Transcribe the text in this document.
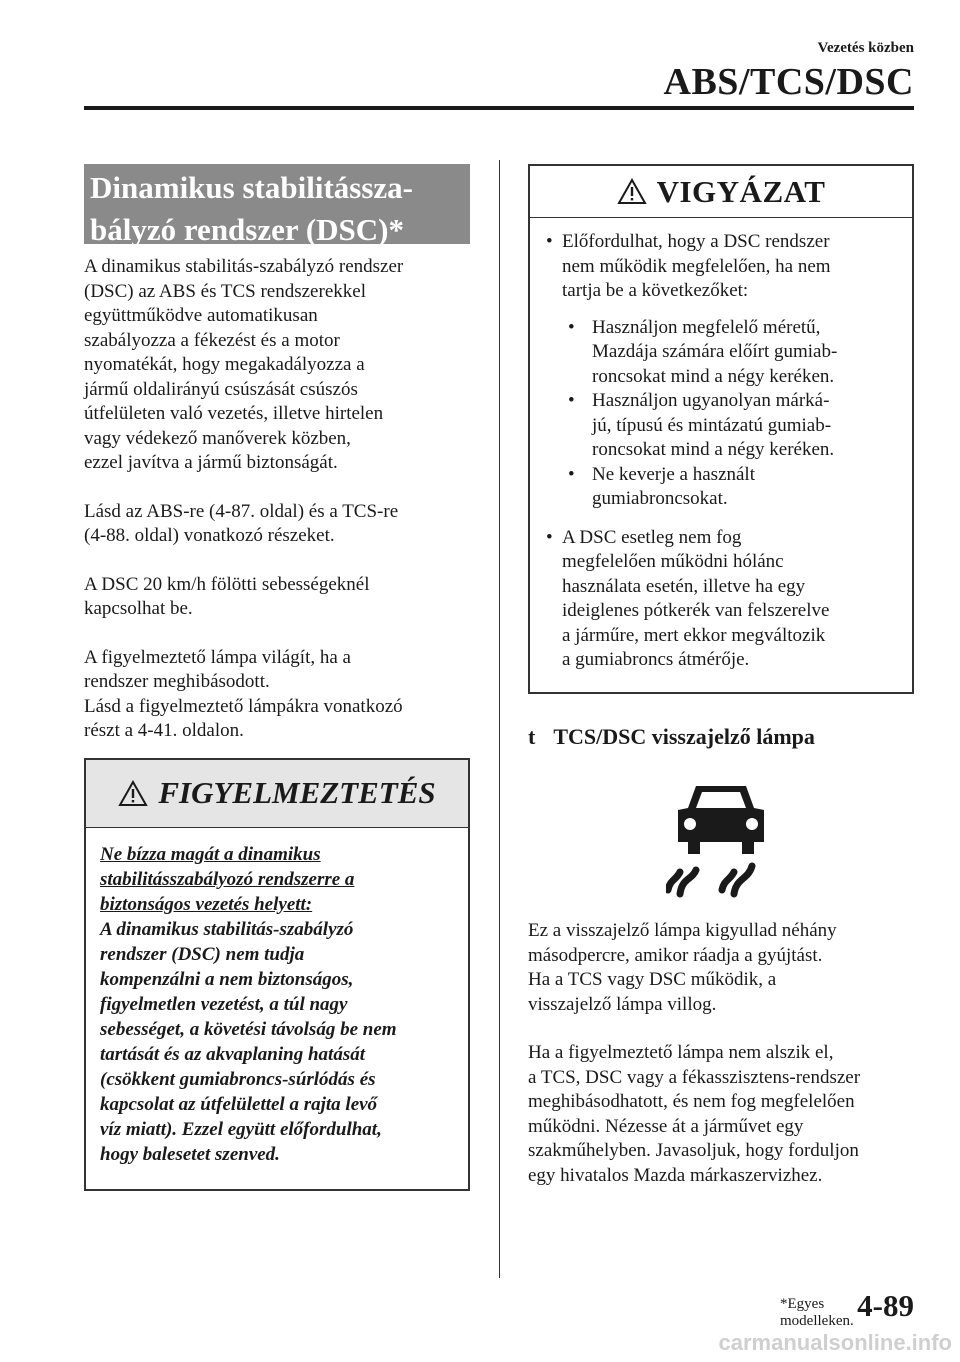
Vezetés közben
ABS/TCS/DSC
Dinamikus stabilitássza-
bályzó rendszer (DSC)*
A dinamikus stabilitás-szabályzó rendszer
(DSC) az ABS és TCS rendszerekkel
együttműködve automatikusan
szabályozza a fékezést és a motor
nyomatékát, hogy megakadályozza a
jármű oldalirányú csúszását csúszós
útfelületen való vezetés, illetve hirtelen
vagy védekező manőverek közben,
ezzel javítva a jármű biztonságát.
Lásd az ABS-re (4-87. oldal) és a TCS-re
(4-88. oldal) vonatkozó részeket.
A DSC 20 km/h fölötti sebességeknél
kapcsolhat be.
A figyelmeztető lámpa világít, ha a
rendszer meghibásodott.
Lásd a figyelmeztető lámpákra vonatkozó
részt a 4-41. oldalon.
FIGYELMEZTETÉS
Ne bízza magát a dinamikus
stabilitásszabályozó rendszerre a
biztonságos vezetés helyett:
A dinamikus stabilitás-szabályzó
rendszer (DSC) nem tudja
kompenzálni a nem biztonságos,
figyelmetlen vezetést, a túl nagy
sebességet, a követési távolság be nem
tartását és az akvaplaning hatását
(csökkent gumiabroncs-súrlódás és
kapcsolat az útfelülettel a rajta levő
víz miatt). Ezzel együtt előfordulhat,
hogy balesetet szenved.
VIGYÁZAT
• Előfordulhat, hogy a DSC rendszer
nem működik megfelelően, ha nem
tartja be a következőket:
• Használjon megfelelő méretű,
Mazdája számára előírt gumiab-
roncsokat mind a négy keréken.
• Használjon ugyanolyan márká-
jú, típusú és mintázatú gumiab-
roncsokat mind a négy keréken.
• Ne keverje a használt
gumiabroncsokat.
• A DSC esetleg nem fog
megfelelően működni hólánc
használata esetén, illetve ha egy
ideiglenes pótkerék van felszerelve
a járműre, mert ekkor megváltozik
a gumiabroncs átmérője.
t TCS/DSC visszajelző lámpa
Ez a visszajelző lámpa kigyullad néhány
másodpercre, amikor ráadja a gyújtást.
Ha a TCS vagy DSC működik, a
visszajelző lámpa villog.
Ha a figyelmeztető lámpa nem alszik el,
a TCS, DSC vagy a fékasszisztens-rendszer
meghibásodhatott, és nem fog megfelelően
működni. Nézesse át a járművet egy
szakműhelyben. Javasoljuk, hogy forduljon
egy hivatalos Mazda márkaszervizhez.
*Egyes modelleken. 4-89
carmanualsonline.info
